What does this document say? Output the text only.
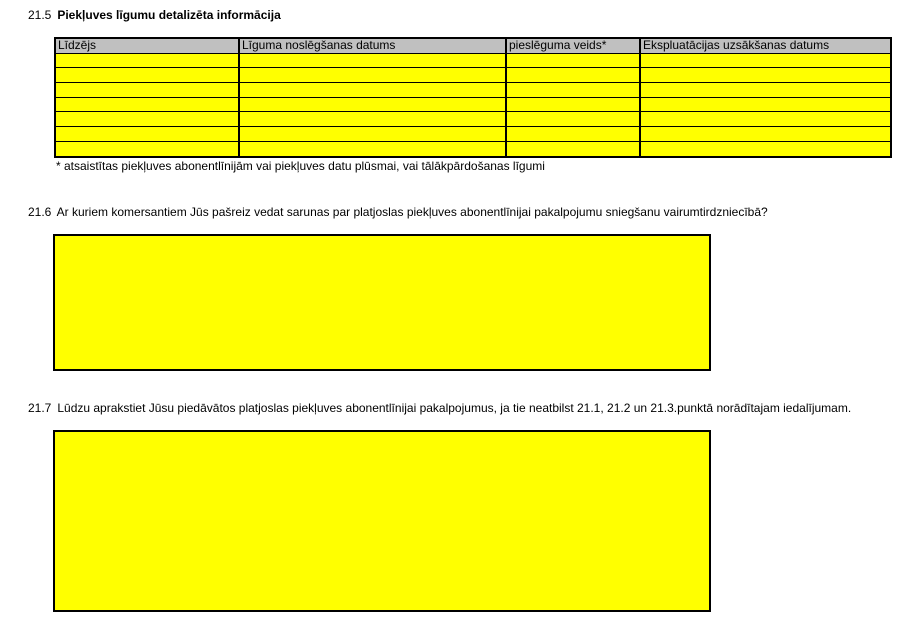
21.5 Piekļuves līgumu detalizēta informācija
Līdzējs	Līguma noslēgšanas datums	pieslēguma veids*	Ekspluatācijas uzsākšanas datums

* atsaistītas piekļuves abonentlīnijām vai piekļuves datu plūsmai, vai tālākpārdošanas līgumi
21.6 Ar kuriem komersantiem Jūs pašreiz vedat sarunas par platjoslas piekļuves abonentlīnijai pakalpojumu sniegšanu vairumtirdzniecībā?
21.7 Lūdzu aprakstiet Jūsu piedāvātos platjoslas piekļuves abonentlīnijai pakalpojumus, ja tie neatbilst 21.1, 21.2 un 21.3.punktā norādītajam iedalījumam.
